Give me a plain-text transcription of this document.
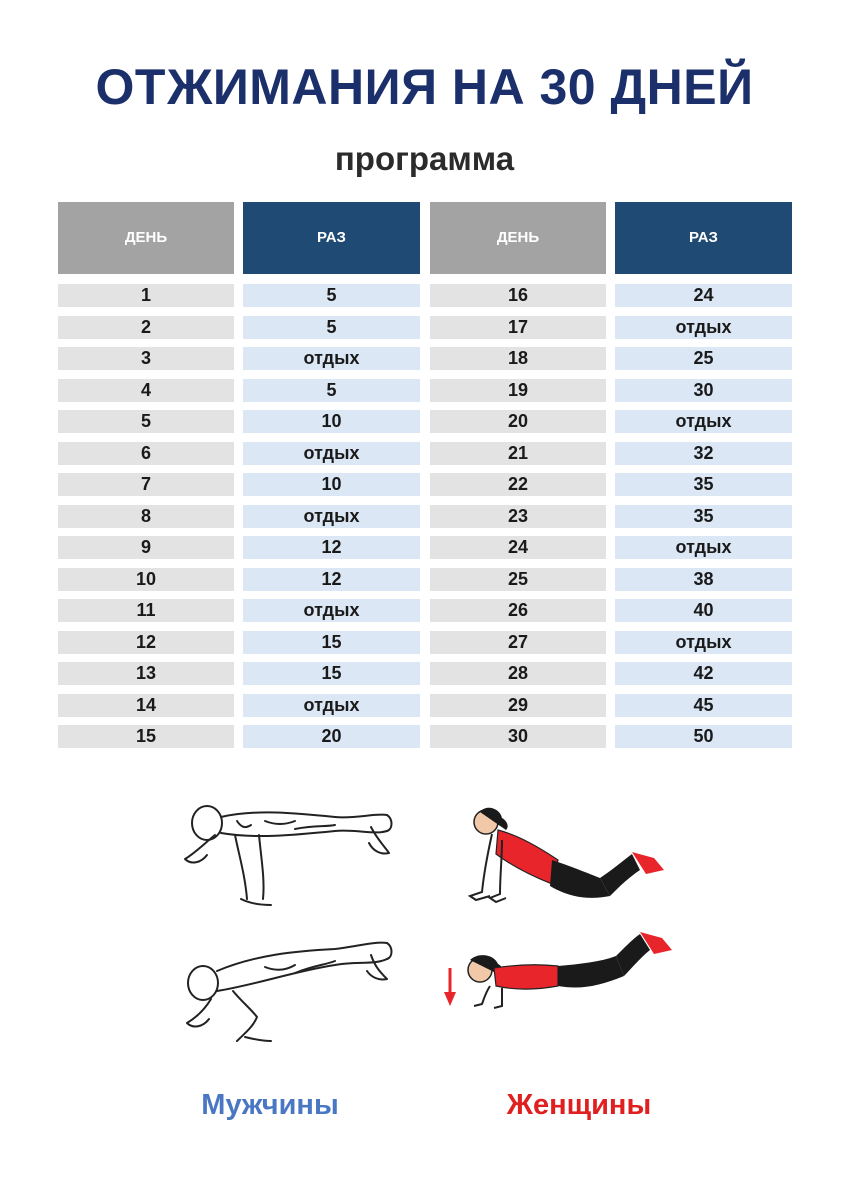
ОТЖИМАНИЯ НА 30 ДНЕЙ
программа
ДЕНЬ	РАЗ	ДЕНЬ	РАЗ
1	5	16	24
2	5	17	отдых
3	отдых	18	25
4	5	19	30
5	10	20	отдых
6	отдых	21	32
7	10	22	35
8	отдых	23	35
9	12	24	отдых
10	12	25	38
11	отдых	26	40
12	15	27	отдых
13	15	28	42
14	отдых	29	45
15	20	30	50
Мужчины	Женщины
